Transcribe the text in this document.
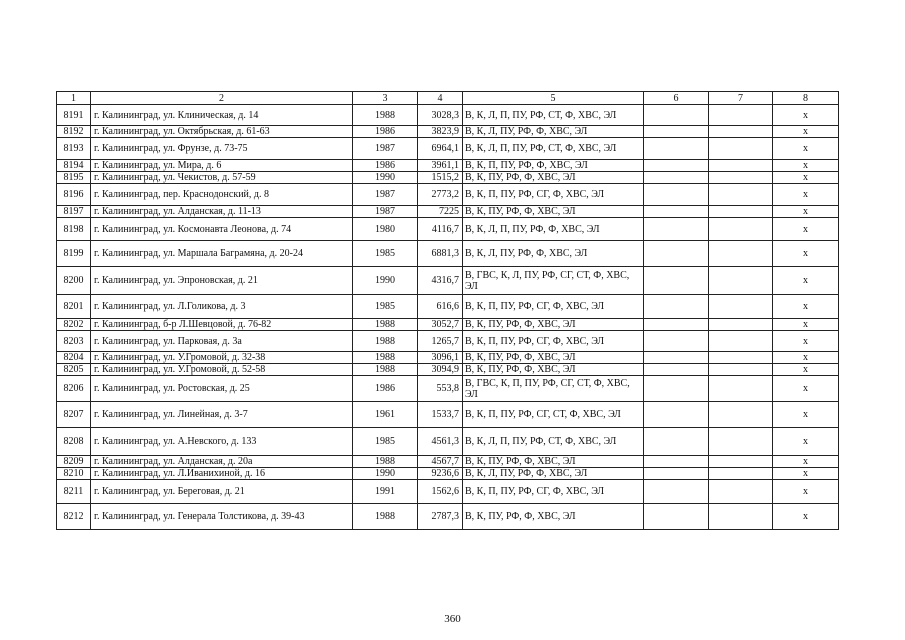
1	2	3	4	5	6	7	8
8191	г. Калининград, ул. Клиническая, д. 14	1988	3028,3	В, К, Л, П, ПУ, РФ, СТ, Ф, ХВС, ЭЛ			х
8192	г. Калининград, ул. Октябрьская, д. 61-63	1986	3823,9	В, К, Л, ПУ, РФ, Ф, ХВС, ЭЛ			х
8193	г. Калининград, ул. Фрунзе, д. 73-75	1987	6964,1	В, К, Л, П, ПУ, РФ, СТ, Ф, ХВС, ЭЛ			х
8194	г. Калининград, ул. Мира, д. 6	1986	3961,1	В, К, П, ПУ, РФ, Ф, ХВС, ЭЛ			х
8195	г. Калининград, ул. Чекистов, д. 57-59	1990	1515,2	В, К, ПУ, РФ, Ф, ХВС, ЭЛ			х
8196	г. Калининград, пер. Краснодонский, д. 8	1987	2773,2	В, К, П, ПУ, РФ, СГ, Ф, ХВС, ЭЛ			х
8197	г. Калининград, ул. Алданская, д. 11-13	1987	7225	В, К, ПУ, РФ, Ф, ХВС, ЭЛ			х
8198	г. Калининград, ул. Космонавта Леонова, д. 74	1980	4116,7	В, К, Л, П, ПУ, РФ, Ф, ХВС, ЭЛ			х
8199	г. Калининград, ул. Маршала Баграмяна, д. 20-24	1985	6881,3	В, К, Л, ПУ, РФ, Ф, ХВС, ЭЛ			х
8200	г. Калининград, ул. Эпроновская, д. 21	1990	4316,7	В, ГВС, К, Л, ПУ, РФ, СГ, СТ, Ф, ХВС, ЭЛ			х
8201	г. Калининград, ул. Л.Голикова, д. 3	1985	616,6	В, К, П, ПУ, РФ, СГ, Ф, ХВС, ЭЛ			х
8202	г. Калининград, б-р Л.Шевцовой, д. 76-82	1988	3052,7	В, К, ПУ, РФ, Ф, ХВС, ЭЛ			х
8203	г. Калининград, ул. Парковая, д. 3а	1988	1265,7	В, К, П, ПУ, РФ, СГ, Ф, ХВС, ЭЛ			х
8204	г. Калининград, ул. У.Громовой, д. 32-38	1988	3096,1	В, К, ПУ, РФ, Ф, ХВС, ЭЛ			х
8205	г. Калининград, ул. У.Громовой, д. 52-58	1988	3094,9	В, К, ПУ, РФ, Ф, ХВС, ЭЛ			х
8206	г. Калининград, ул. Ростовская, д. 25	1986	553,8	В, ГВС, К, П, ПУ, РФ, СГ, СТ, Ф, ХВС, ЭЛ			х
8207	г. Калининград, ул. Линейная, д. 3-7	1961	1533,7	В, К, П, ПУ, РФ, СГ, СТ, Ф, ХВС, ЭЛ			х
8208	г. Калининград, ул. А.Невского, д. 133	1985	4561,3	В, К, Л, П, ПУ, РФ, СТ, Ф, ХВС, ЭЛ			х
8209	г. Калининград, ул. Алданская, д. 20а	1988	4567,7	В, К, ПУ, РФ, Ф, ХВС, ЭЛ			х
8210	г. Калининград, ул. Л.Иванихиной, д. 16	1990	9236,6	В, К, Л, ПУ, РФ, Ф, ХВС, ЭЛ			х
8211	г. Калининград, ул. Береговая, д. 21	1991	1562,6	В, К, П, ПУ, РФ, СГ, Ф, ХВС, ЭЛ			х
8212	г. Калининград, ул. Генерала Толстикова, д. 39-43	1988	2787,3	В, К, ПУ, РФ, Ф, ХВС, ЭЛ			х
360
